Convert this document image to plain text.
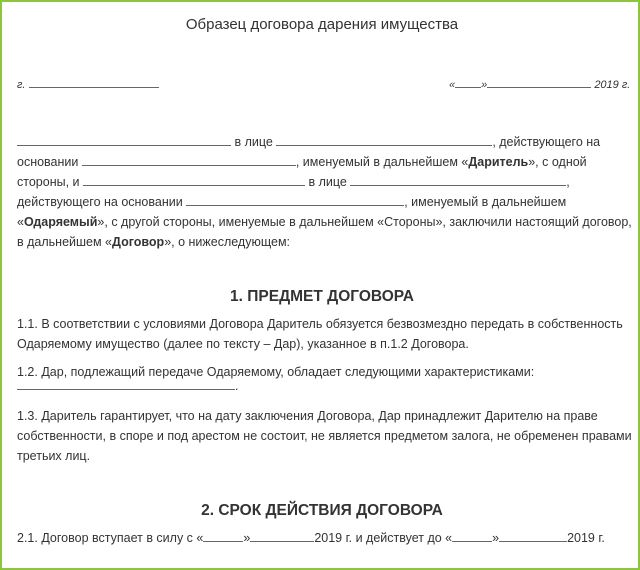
Образец договора дарения имущества
г.	« »	2019 г.
в лице	, действующего на
основании	, именуемый в дальнейшем «Даритель», с одной
стороны, и	в лице	,
действующего на основании	, именуемый в дальнейшем
«Одаряемый», с другой стороны, именуемые в дальнейшем «Стороны», заключили настоящий договор,
в дальнейшем «Договор», о нижеследующем:
1. ПРЕДМЕТ ДОГОВОРА
1.1. В соответствии с условиями Договора Даритель обязуется безвозмездно передать в собственность
Одаряемому имущество (далее по тексту – Дар), указанное в п.1.2 Договора.
1.2. Дар, подлежащий передаче Одаряемому, обладает следующими характеристиками:
.
1.3. Даритель гарантирует, что на дату заключения Договора, Дар принадлежит Дарителю на праве
собственности, в споре и под арестом не состоит, не является предметом залога, не обременен правами
третьих лиц.
2. СРОК ДЕЙСТВИЯ ДОГОВОРА
2.1. Договор вступает в силу с «	»	2019 г. и действует до «	»	2019 г.
